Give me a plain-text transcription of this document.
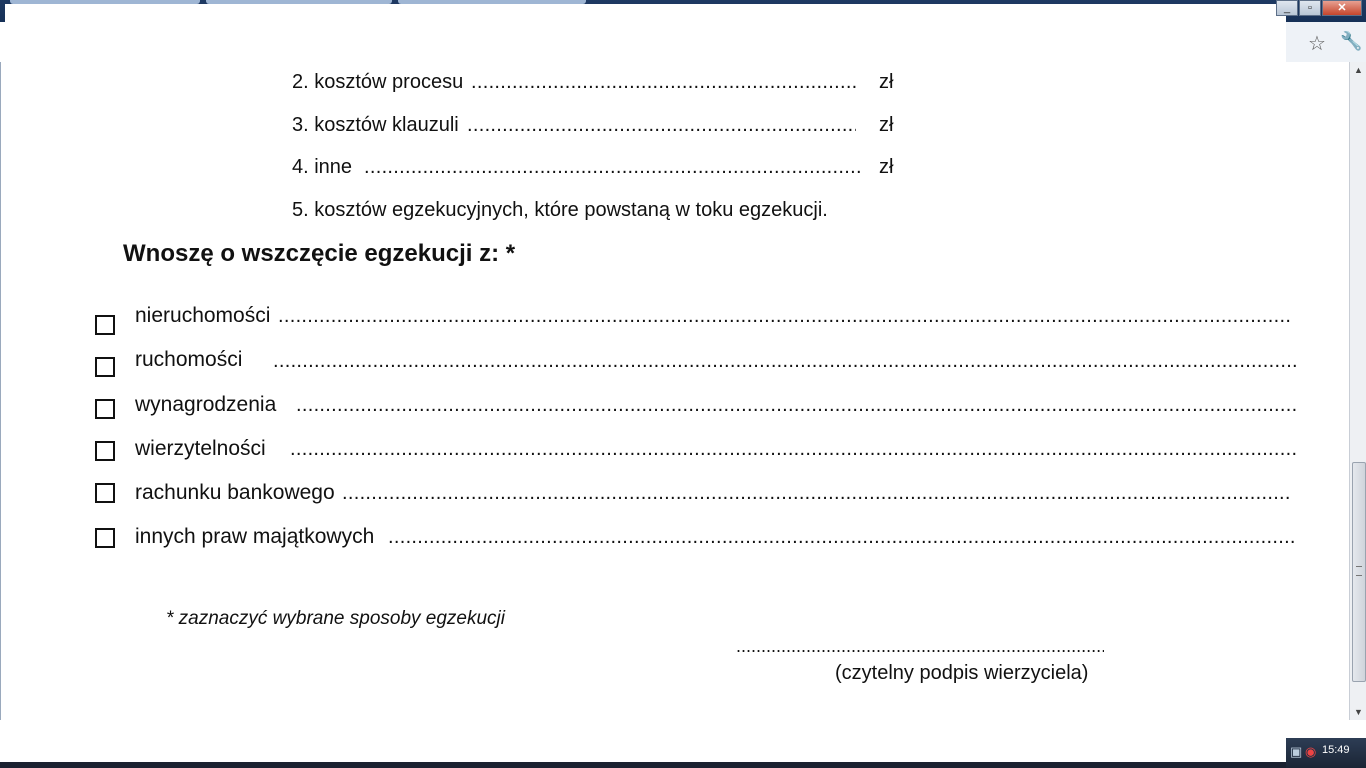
_	▫	✕
☆ 🔧
2. kosztów procesu .....	zł
3. kosztów klauzuli .....	zł
4. inne .....	zł
5. kosztów egzekucyjnych, które powstaną w toku egzekucji.
Wnoszę o wszczęcie egzekucji z: *
nieruchomości
.....
ruchomości
.....
wynagrodzenia
.....
wierzytelności
.....
rachunku bankowego
.....
innych praw majątkowych
.....
* zaznaczyć wybrane sposoby egzekucji
.....
(czytelny podpis wierzyciela)
▲
▼
▣ ◉ 15:49
